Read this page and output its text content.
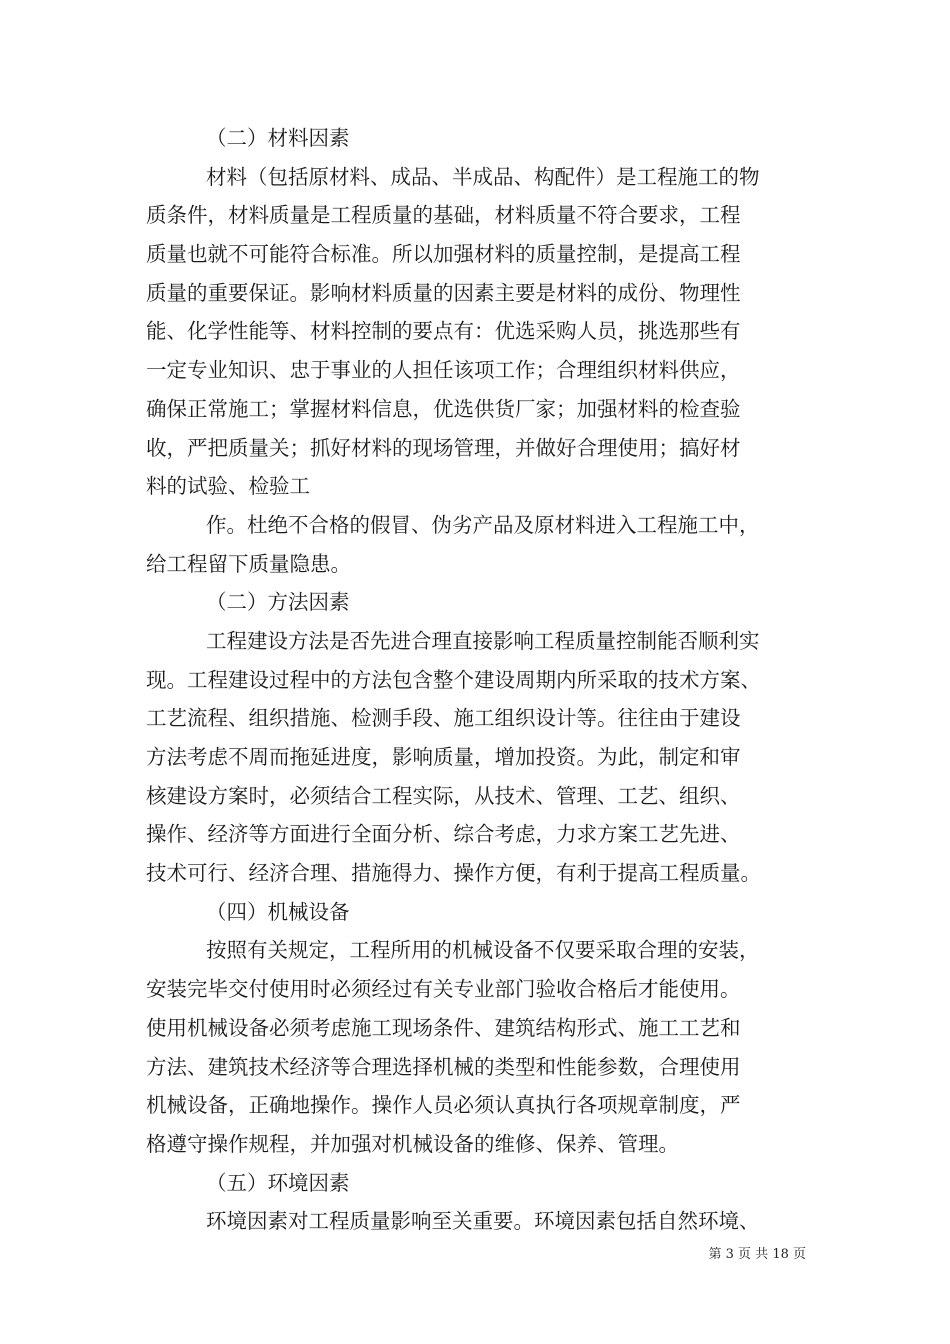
（二）材料因素
材料（包括原材料、成品、半成品、构配件）是工程施工的物
质条件，材料质量是工程质量的基础，材料质量不符合要求，工程
质量也就不可能符合标准。所以加强材料的质量控制，是提高工程
质量的重要保证。影响材料质量的因素主要是材料的成份、物理性
能、化学性能等、材料控制的要点有：优选采购人员，挑选那些有
一定专业知识、忠于事业的人担任该项工作；合理组织材料供应，
确保正常施工；掌握材料信息，优选供货厂家；加强材料的检查验
收，严把质量关；抓好材料的现场管理，并做好合理使用；搞好材
料的试验、检验工
作。杜绝不合格的假冒、伪劣产品及原材料进入工程施工中，
给工程留下质量隐患。
（二）方法因素
工程建设方法是否先进合理直接影响工程质量控制能否顺利实
现。工程建设过程中的方法包含整个建设周期内所采取的技术方案、
工艺流程、组织措施、检测手段、施工组织设计等。往往由于建设
方法考虑不周而拖延进度，影响质量，增加投资。为此，制定和审
核建设方案时，必须结合工程实际，从技术、管理、工艺、组织、
操作、经济等方面进行全面分析、综合考虑，力求方案工艺先进、
技术可行、经济合理、措施得力、操作方便，有利于提高工程质量。
（四）机械设备
按照有关规定，工程所用的机械设备不仅要采取合理的安装，
安装完毕交付使用时必须经过有关专业部门验收合格后才能使用。
使用机械设备必须考虑施工现场条件、建筑结构形式、施工工艺和
方法、建筑技术经济等合理选择机械的类型和性能参数，合理使用
机械设备，正确地操作。操作人员必须认真执行各项规章制度，严
格遵守操作规程，并加强对机械设备的维修、保养、管理。
（五）环境因素
环境因素对工程质量影响至关重要。环境因素包括自然环境、
第 3 页 共 18 页
